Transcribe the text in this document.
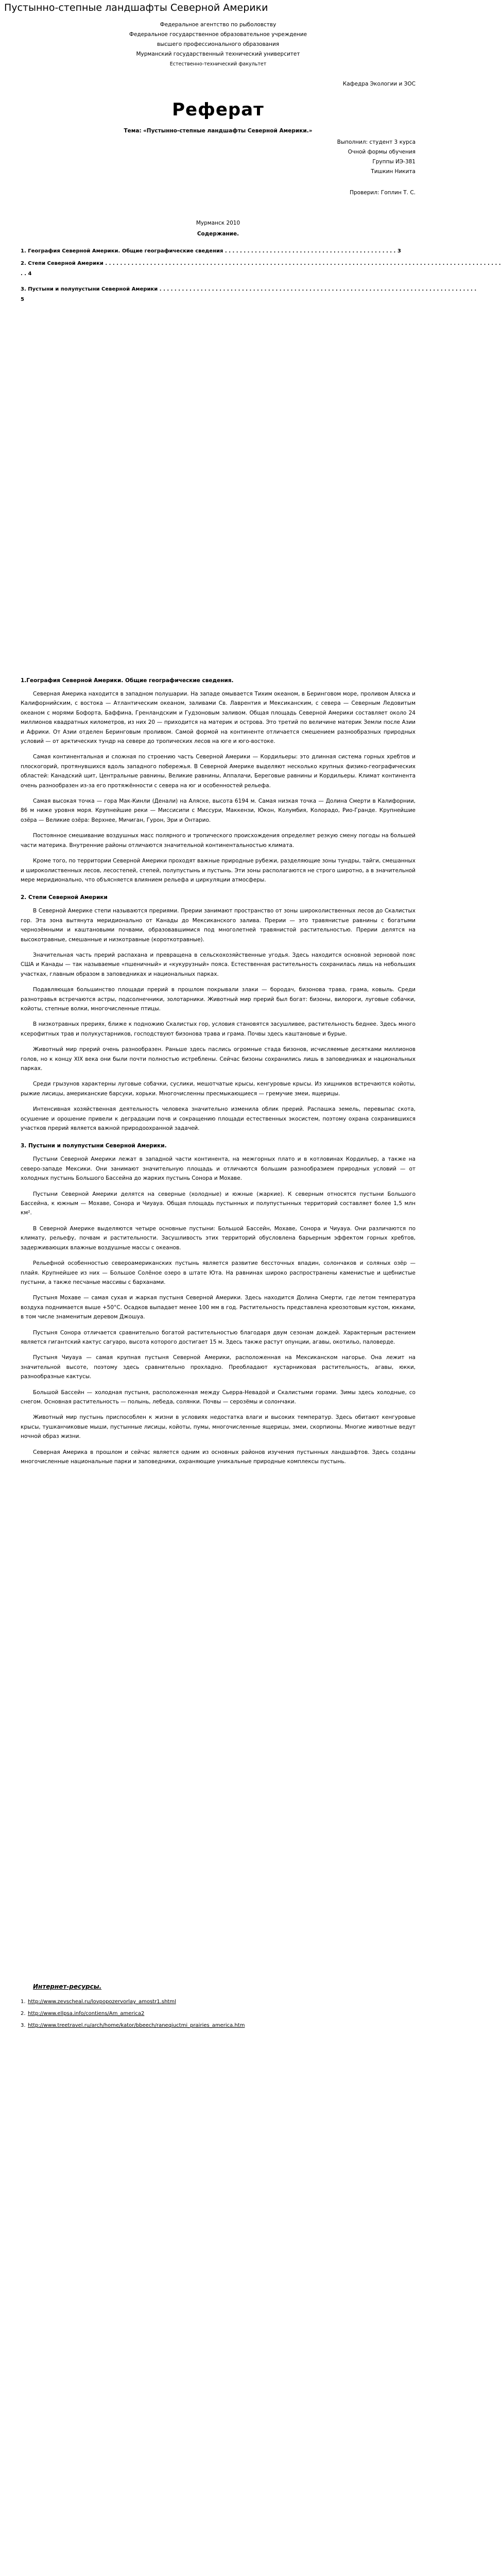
Пустынно-степные ландшафты Северной Америки
Федеральное агентство по рыболовству
Федеральное государственное образовательное учреждение
высшего профессионального образования
Мурманский государственный технический университет
Естественно-технический факультет
Кафедра Экологии и ЗОС
Реферат
Тема: «Пустынно-степные ландшафты Северной Америки.»
Выполнил: студент 3 курса
Очной формы обучения
Группы ИЭ-381
Тишкин Никита
Проверил: Гоплин Т. С.
Мурманск 2010
Содержание.
1. География Северной Америки. Общие географические сведения . . . . . . . . . . . . . . . . . . . . . . . . . . . . . . . . . . . . . . . . . . . . . . 3
2. Степи Северной Америки . . . . . . . . . . . . . . . . . . . . . . . . . . . . . . . . . . . . . . . . . . . . . . . . . . . . . . . . . . . . . . . . . . . . . . . . . . . . . . . . . . . . . . . . . . . . . . . . . . . . . . . . . .
. . 4
3. Пустыни и полупустыни Северной Америки . . . . . . . . . . . . . . . . . . . . . . . . . . . . . . . . . . . . . . . . . . . . . . . . . . . . . . . . . . . . . . . . . . . . . . . . . . . . . . . . . . . . .
5
1.География Северной Америки. Общие географические сведения.

Северная Америка находится в западном полушарии. На западе омывается Тихим океаном, в Беринговом море, проливом Аляска и Калифорнийским, с востока — Атлантическим океаном, заливами Св. Лаврентия и Мексиканским, с севера — Северным Ледовитым океаном с морями Бофорта, Баффина, Гренландским и Гудзоновым заливом. Общая площадь Северной Америки составляет около 24 миллионов квадратных километров, из них 20 — приходится на материк и острова. Это третий по величине материк Земли после Азии и Африки. От Азии отделен Беринговым проливом. Самой формой на континенте отличается смешением разнообразных природных условий — от арктических тундр на севере до тропических лесов на юге и юго-востоке.

Самая континентальная и сложная по строению часть Северной Америки — Кордильеры: это длинная система горных хребтов и плоскогорий, протянувшихся вдоль западного побережья. В Северной Америке выделяют несколько крупных физико-географических областей: Канадский щит, Центральные равнины, Великие равнины, Аппалачи, Береговые равнины и Кордильеры. Климат континента очень разнообразен из-за его протяжённости с севера на юг и особенностей рельефа.

Самая высокая точка — гора Мак-Кинли (Денали) на Аляске, высота 6194 м. Самая низкая точка — Долина Смерти в Калифорнии, 86 м ниже уровня моря. Крупнейшие реки — Миссисипи с Миссури, Маккензи, Юкон, Колумбия, Колорадо, Рио-Гранде. Крупнейшие озёра — Великие озёра: Верхнее, Мичиган, Гурон, Эри и Онтарио.

Постоянное смешивание воздушных масс полярного и тропического происхождения определяет резкую смену погоды на большей части материка. Внутренние районы отличаются значительной континентальностью климата.

Кроме того, по территории Северной Америки проходят важные природные рубежи, разделяющие зоны тундры, тайги, смешанных и широколиственных лесов, лесостепей, степей, полупустынь и пустынь. Эти зоны располагаются не строго широтно, а в значительной мере меридионально, что объясняется влиянием рельефа и циркуляции атмосферы.

2. Степи Северной Америки

В Северной Америке степи называются прериями. Прерии занимают пространство от зоны широколиственных лесов до Скалистых гор. Эта зона вытянута меридионально от Канады до Мексиканского залива. Прерии — это травянистые равнины с богатыми чернозёмными и каштановыми почвами, образовавшимися под многолетней травянистой растительностью. Прерии делятся на высокотравные, смешанные и низкотравные (короткотравные).

Значительная часть прерий распахана и превращена в сельскохозяйственные угодья. Здесь находится основной зерновой пояс США и Канады — так называемые «пшеничный» и «кукурузный» пояса. Естественная растительность сохранилась лишь на небольших участках, главным образом в заповедниках и национальных парках.

Подавляющая большинство площади прерий в прошлом покрывали злаки — бородач, бизонова трава, грама, ковыль. Среди разнотравья встречаются астры, подсолнечники, золотарники. Животный мир прерий был богат: бизоны, вилороги, луговые собачки, койоты, степные волки, многочисленные птицы.

В низкотравных прериях, ближе к подножию Скалистых гор, условия становятся засушливее, растительность беднее. Здесь много ксерофитных трав и полукустарников, господствуют бизонова трава и грама. Почвы здесь каштановые и бурые.

Животный мир прерий очень разнообразен. Раньше здесь паслись огромные стада бизонов, исчисляемые десятками миллионов голов, но к концу XIX века они были почти полностью истреблены. Сейчас бизоны сохранились лишь в заповедниках и национальных парках.

Среди грызунов характерны луговые собачки, суслики, мешотчатые крысы, кенгуровые крысы. Из хищников встречаются койоты, рыжие лисицы, американские барсуки, хорьки. Многочисленны пресмыкающиеся — гремучие змеи, ящерицы.

Интенсивная хозяйственная деятельность человека значительно изменила облик прерий. Распашка земель, перевыпас скота, осушение и орошение привели к деградации почв и сокращению площади естественных экосистем, поэтому охрана сохранившихся участков прерий является важной природоохранной задачей.

3. Пустыни и полупустыни Северной Америки.

Пустыни Северной Америки лежат в западной части континента, на межгорных плато и в котловинах Кордильер, а также на северо-западе Мексики. Они занимают значительную площадь и отличаются большим разнообразием природных условий — от холодных пустынь Большого Бассейна до жарких пустынь Сонора и Мохаве.

Пустыни Северной Америки делятся на северные (холодные) и южные (жаркие). К северным относятся пустыни Большого Бассейна, к южным — Мохаве, Сонора и Чиуауа. Общая площадь пустынных и полупустынных территорий составляет более 1,5 млн км².

В Северной Америке выделяются четыре основные пустыни: Большой Бассейн, Мохаве, Сонора и Чиуауа. Они различаются по климату, рельефу, почвам и растительности. Засушливость этих территорий обусловлена барьерным эффектом горных хребтов, задерживающих влажные воздушные массы с океанов.

Рельефной особенностью североамериканских пустынь является развитие бессточных впадин, солончаков и соляных озёр — плайя. Крупнейшее из них — Большое Солёное озеро в штате Юта. На равнинах широко распространены каменистые и щебнистые пустыни, а также песчаные массивы с барханами.

Пустыня Мохаве — самая сухая и жаркая пустыня Северной Америки. Здесь находится Долина Смерти, где летом температура воздуха поднимается выше +50°C. Осадков выпадает менее 100 мм в год. Растительность представлена креозотовым кустом, юкками, в том числе знаменитым деревом Джошуа.

Пустыня Сонора отличается сравнительно богатой растительностью благодаря двум сезонам дождей. Характерным растением является гигантский кактус сагуаро, высота которого достигает 15 м. Здесь также растут опунции, агавы, окотильо, паловерде.

Пустыня Чиуауа — самая крупная пустыня Северной Америки, расположенная на Мексиканском нагорье. Она лежит на значительной высоте, поэтому здесь сравнительно прохладно. Преобладают кустарниковая растительность, агавы, юкки, разнообразные кактусы.

Большой Бассейн — холодная пустыня, расположенная между Сьерра-Невадой и Скалистыми горами. Зимы здесь холодные, со снегом. Основная растительность — полынь, лебеда, солянки. Почвы — серозёмы и солончаки.

Животный мир пустынь приспособлен к жизни в условиях недостатка влаги и высоких температур. Здесь обитают кенгуровые крысы, тушканчиковые мыши, пустынные лисицы, койоты, пумы, многочисленные ящерицы, змеи, скорпионы. Многие животные ведут ночной образ жизни.

Северная Америка в прошлом и сейчас является одним из основных районов изучения пустынных ландшафтов. Здесь созданы многочисленные национальные парки и заповедники, охраняющие уникальные природные комплексы пустынь.

Интернет-ресурсы.
1. http://www.zevscheal.ru/lovpopozervorlay_amostr1.shtml
2. http://www.ellpsa.info/contiens/Am_america2
3. http://www.treetravel.ru/arch/home/kator/bbeech/raneqiuctmi_prairies_america.htm
